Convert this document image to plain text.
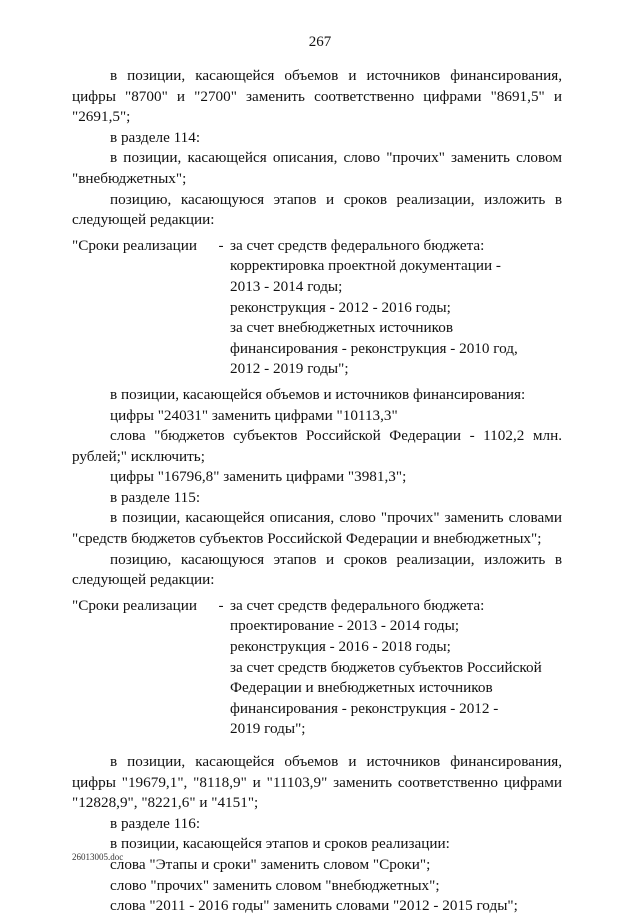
267

в позиции, касающейся объемов и источников финансирования, цифры "8700" и "2700" заменить соответственно цифрами "8691,5" и "2691,5";

в разделе 114:

в позиции, касающейся описания, слово "прочих" заменить словом "внебюджетных";

позицию, касающуюся этапов и сроков реализации, изложить в следующей редакции:

"Сроки реализации	- за счет средств федерального бюджета:
корректировка проектной документации -
2013 - 2014 годы;
реконструкция - 2012 - 2016 годы;
за счет внебюджетных источников
финансирования - реконструкция - 2010 год,
2012 - 2019 годы";

в позиции, касающейся объемов и источников финансирования:

цифры "24031" заменить цифрами "10113,3"

слова "бюджетов субъектов Российской Федерации - 1102,2 млн. рублей;" исключить;

цифры "16796,8" заменить цифрами "3981,3";

в разделе 115:

в позиции, касающейся описания, слово "прочих" заменить словами "средств бюджетов субъектов Российской Федерации и внебюджетных";

позицию, касающуюся этапов и сроков реализации, изложить в следующей редакции:

"Сроки реализации	- за счет средств федерального бюджета:
проектирование - 2013 - 2014 годы;
реконструкция - 2016 - 2018 годы;
за счет средств бюджетов субъектов Российской
Федерации и внебюджетных источников
финансирования - реконструкция - 2012 -
2019 годы";

в позиции, касающейся объемов и источников финансирования, цифры "19679,1", "8118,9" и "11103,9" заменить соответственно цифрами "12828,9", "8221,6" и "4151";

в разделе 116:

в позиции, касающейся этапов и сроков реализации:

слова "Этапы и сроки" заменить словом "Сроки";

слово "прочих" заменить словом "внебюджетных";

слова "2011 - 2016 годы" заменить словами "2012 - 2015 годы";

26013005.doc
